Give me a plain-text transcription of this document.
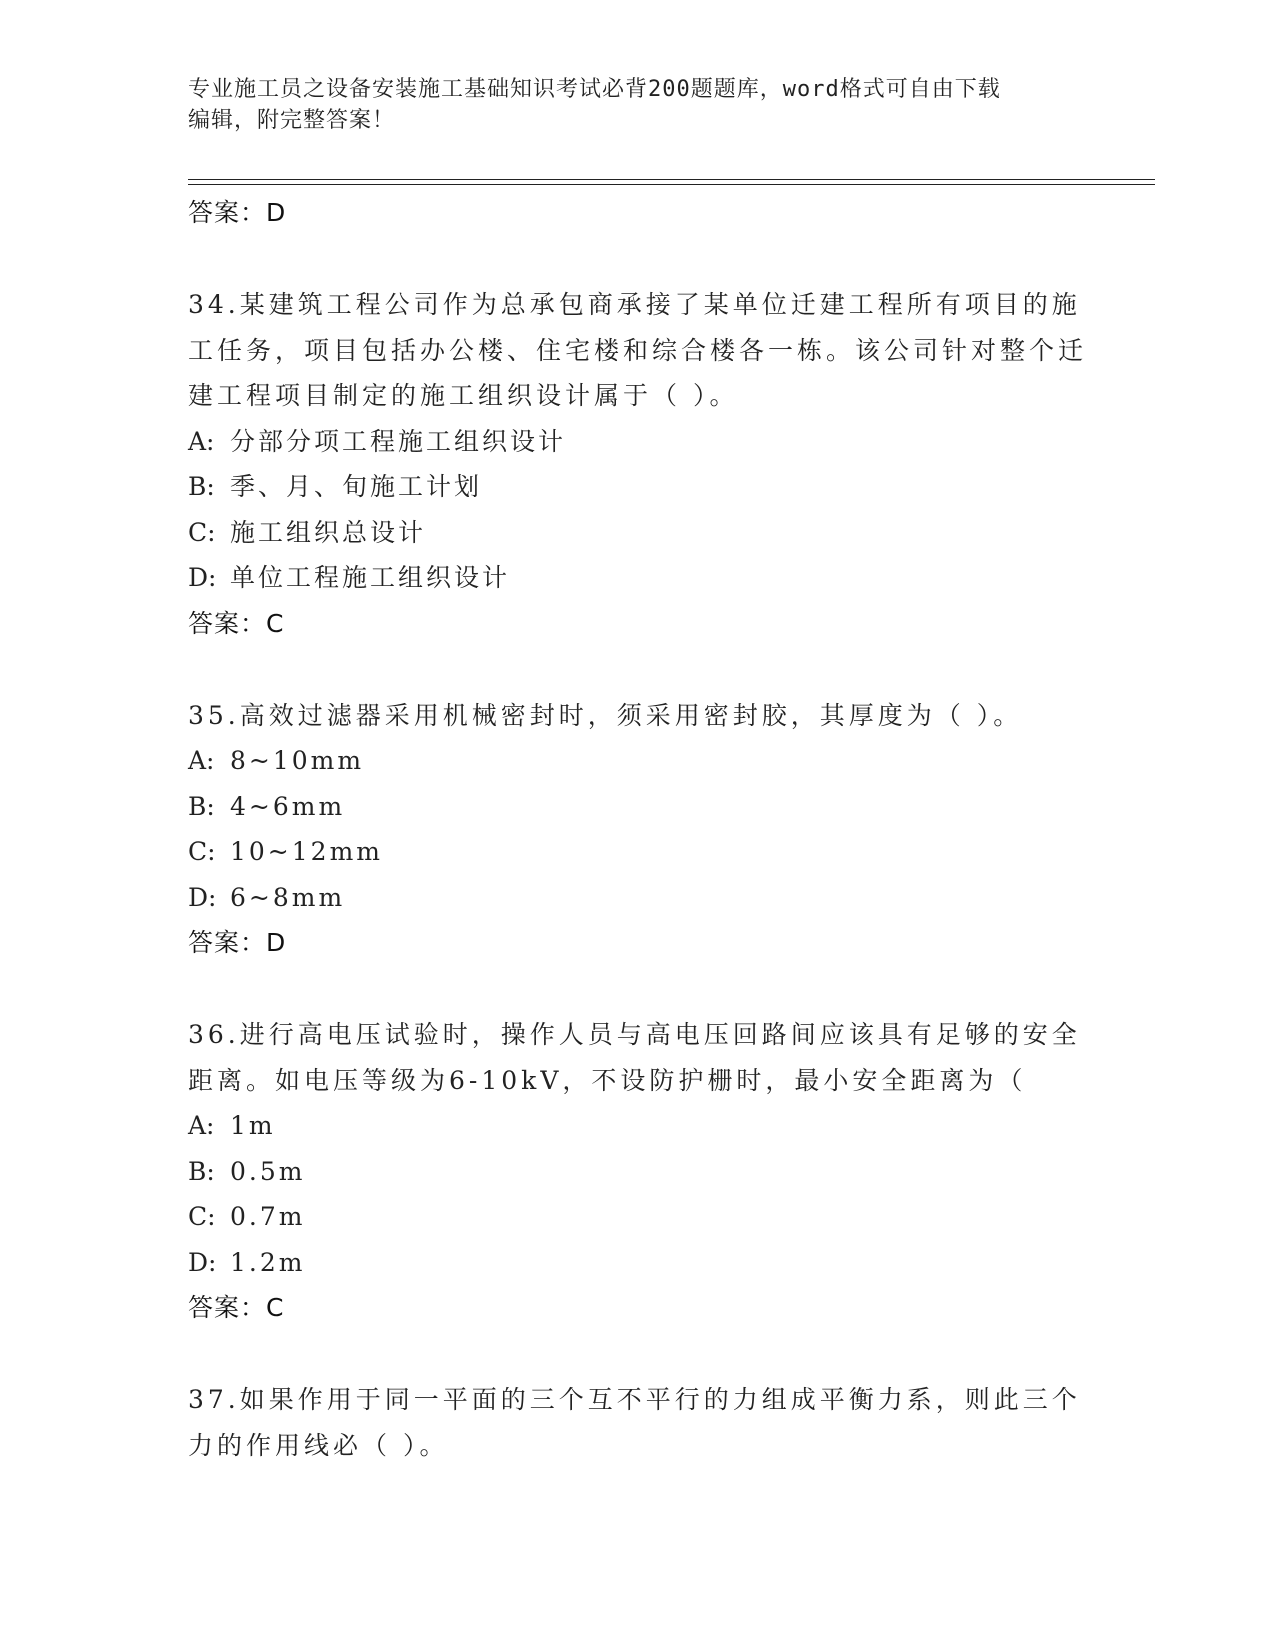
专业施工员之设备安装施工基础知识考试必背200题题库，word格式可自由下载
编辑，附完整答案！
答案：D
34.某建筑工程公司作为总承包商承接了某单位迁建工程所有项目的施工任务，项目包括办公楼、住宅楼和综合楼各一栋。该公司针对整个迁建工程项目制定的施工组织设计属于（ ）。
A: 分部分项工程施工组织设计
B: 季、月、旬施工计划
C: 施工组织总设计
D: 单位工程施工组织设计
答案：C
35.高效过滤器采用机械密封时，须采用密封胶，其厚度为（ ）。
A: 8~10mm
B: 4~6mm
C: 10~12mm
D: 6~8mm
答案：D
36.进行高电压试验时，操作人员与高电压回路间应该具有足够的安全距离。如电压等级为6-10kV，不设防护栅时，最小安全距离为（
A: 1m
B: 0.5m
C: 0.7m
D: 1.2m
答案：C
37.如果作用于同一平面的三个互不平行的力组成平衡力系，则此三个力的作用线必（ ）。
